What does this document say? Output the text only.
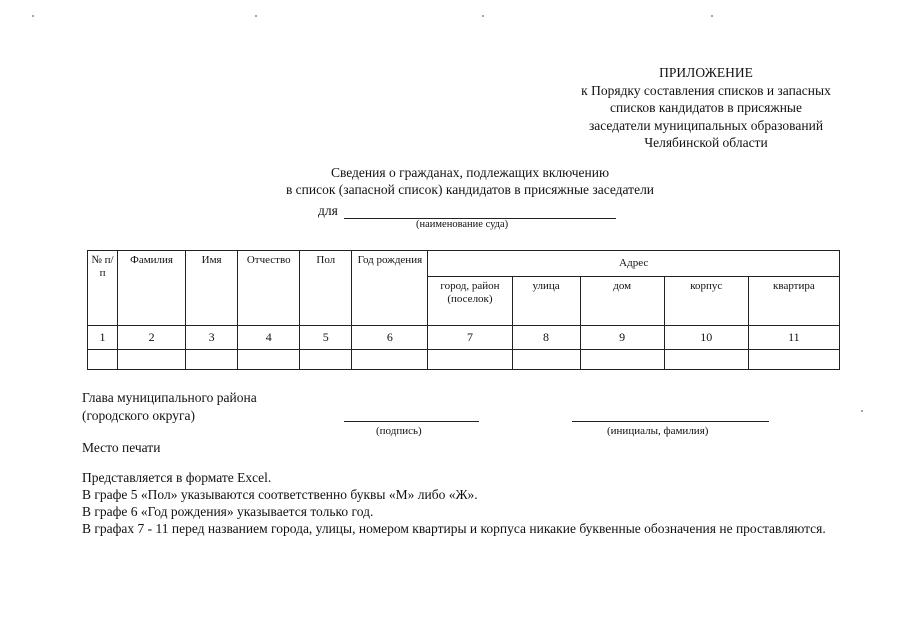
ПРИЛОЖЕНИЕ
к Порядку составления списков и запасных
списков кандидатов в присяжные
заседатели муниципальных образований
Челябинской области
Сведения о гражданах, подлежащих включению
в список (запасной список) кандидатов в присяжные заседатели
для
(наименование суда)
№ п/п	Фамилия	Имя	Отчество	Пол	Год рождения	Адрес				
						город, район (поселок)	улица	дом	корпус	квартира
1	2	3	4	5	6	7	8	9	10	11

Глава муниципального района
(городского округа)
(подпись)	(инициалы, фамилия)
Место печати

Представляется в формате Excel.

В графе 5 «Пол» указываются соответственно буквы «М» либо «Ж».

В графе 6 «Год рождения» указывается только год.

В графах 7 - 11 перед названием города, улицы, номером квартиры и корпуса никакие буквенные обозначения не проставляются.
